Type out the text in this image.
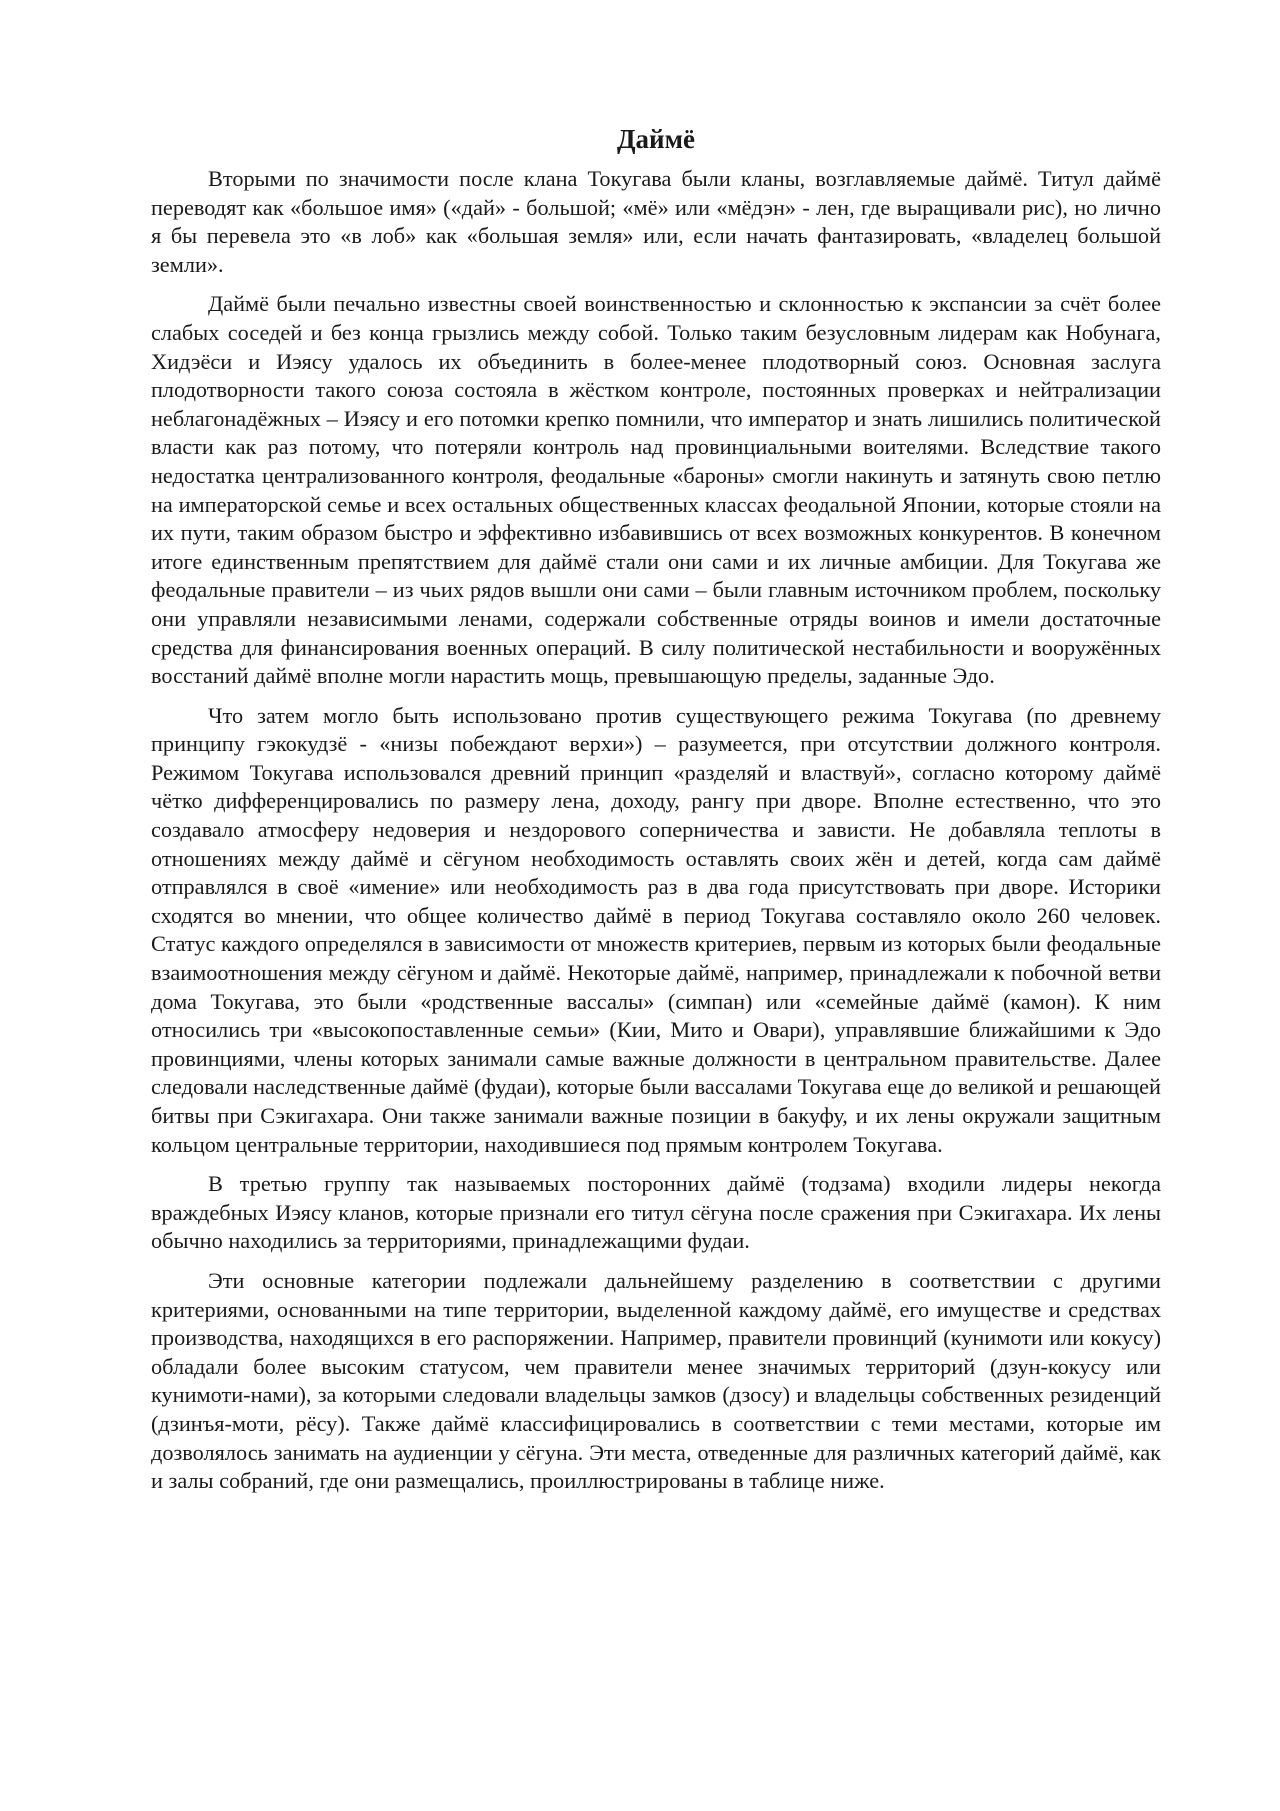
Даймё

Вторыми по значимости после клана Токугава были кланы, возглавляемые даймё. Титул даймё переводят как «большое имя» («дай» - большой; «мё» или «мёдэн» - лен, где выращивали рис), но лично я бы перевела это «в лоб» как «большая земля» или, если начать фантазировать, «владелец большой земли».

Даймё были печально известны своей воинственностью и склонностью к экспансии за счёт более слабых соседей и без конца грызлись между собой. Только таким безусловным лидерам как Нобунага, Хидэёси и Иэясу удалось их объединить в более-менее плодотворный союз. Основная заслуга плодотворности такого союза состояла в жёстком контроле, постоянных проверках и нейтрализации неблагонадёжных – Иэясу и его потомки крепко помнили, что император и знать лишились политической власти как раз потому, что потеряли контроль над провинциальными воителями. Вследствие такого недостатка централизованного контроля, феодальные «бароны» смогли накинуть и затянуть свою петлю на императорской семье и всех остальных общественных классах феодальной Японии, которые стояли на их пути, таким образом быстро и эффективно избавившись от всех возможных конкурентов. В конечном итоге единственным препятствием для даймё стали они сами и их личные амбиции. Для Токугава же феодальные правители – из чьих рядов вышли они сами – были главным источником проблем, поскольку они управляли независимыми ленами, содержали собственные отряды воинов и имели достаточные средства для финансирования военных операций. В силу политической нестабильности и вооружённых восстаний даймё вполне могли нарастить мощь, превышающую пределы, заданные Эдо.

Что затем могло быть использовано против существующего режима Токугава (по древнему принципу гэкокудзё - «низы побеждают верхи») – разумеется, при отсутствии должного контроля. Режимом Токугава использовался древний принцип «разделяй и властвуй», согласно которому даймё чётко дифференцировались по размеру лена, доходу, рангу при дворе. Вполне естественно, что это создавало атмосферу недоверия и нездорового соперничества и зависти. Не добавляла теплоты в отношениях между даймё и сёгуном необходимость оставлять своих жён и детей, когда сам даймё отправлялся в своё «имение» или необходимость раз в два года присутствовать при дворе. Историки сходятся во мнении, что общее количество даймё в период Токугава составляло около 260 человек. Статус каждого определялся в зависимости от множеств критериев, первым из которых были феодальные взаимоотношения между сёгуном и даймё. Некоторые даймё, например, принадлежали к побочной ветви дома Токугава, это были «родственные вассалы» (симпан) или «семейные даймё (камон). К ним относились три «высокопоставленные семьи» (Кии, Мито и Овари), управлявшие ближайшими к Эдо провинциями, члены которых занимали самые важные должности в центральном правительстве. Далее следовали наследственные даймё (фудаи), которые были вассалами Токугава еще до великой и решающей битвы при Сэкигахара. Они также занимали важные позиции в бакуфу, и их лены окружали защитным кольцом центральные территории, находившиеся под прямым контролем Токугава.

В третью группу так называемых посторонних даймё (тодзама) входили лидеры некогда враждебных Иэясу кланов, которые признали его титул сёгуна после сражения при Сэкигахара. Их лены обычно находились за территориями, принадлежащими фудаи.

Эти основные категории подлежали дальнейшему разделению в соответствии с другими критериями, основанными на типе территории, выделенной каждому даймё, его имуществе и средствах производства, находящихся в его распоряжении. Например, правители провинций (кунимоти или кокусу) обладали более высоким статусом, чем правители менее значимых территорий (дзун-кокусу или кунимоти-нами), за которыми следовали владельцы замков (дзосу) и владельцы собственных резиденций (дзинъя-моти, рёсу). Также даймё классифицировались в соответствии с теми местами, которые им дозволялось занимать на аудиенции у сёгуна. Эти места, отведенные для различных категорий даймё, как и залы собраний, где они размещались, проиллюстрированы в таблице ниже.
